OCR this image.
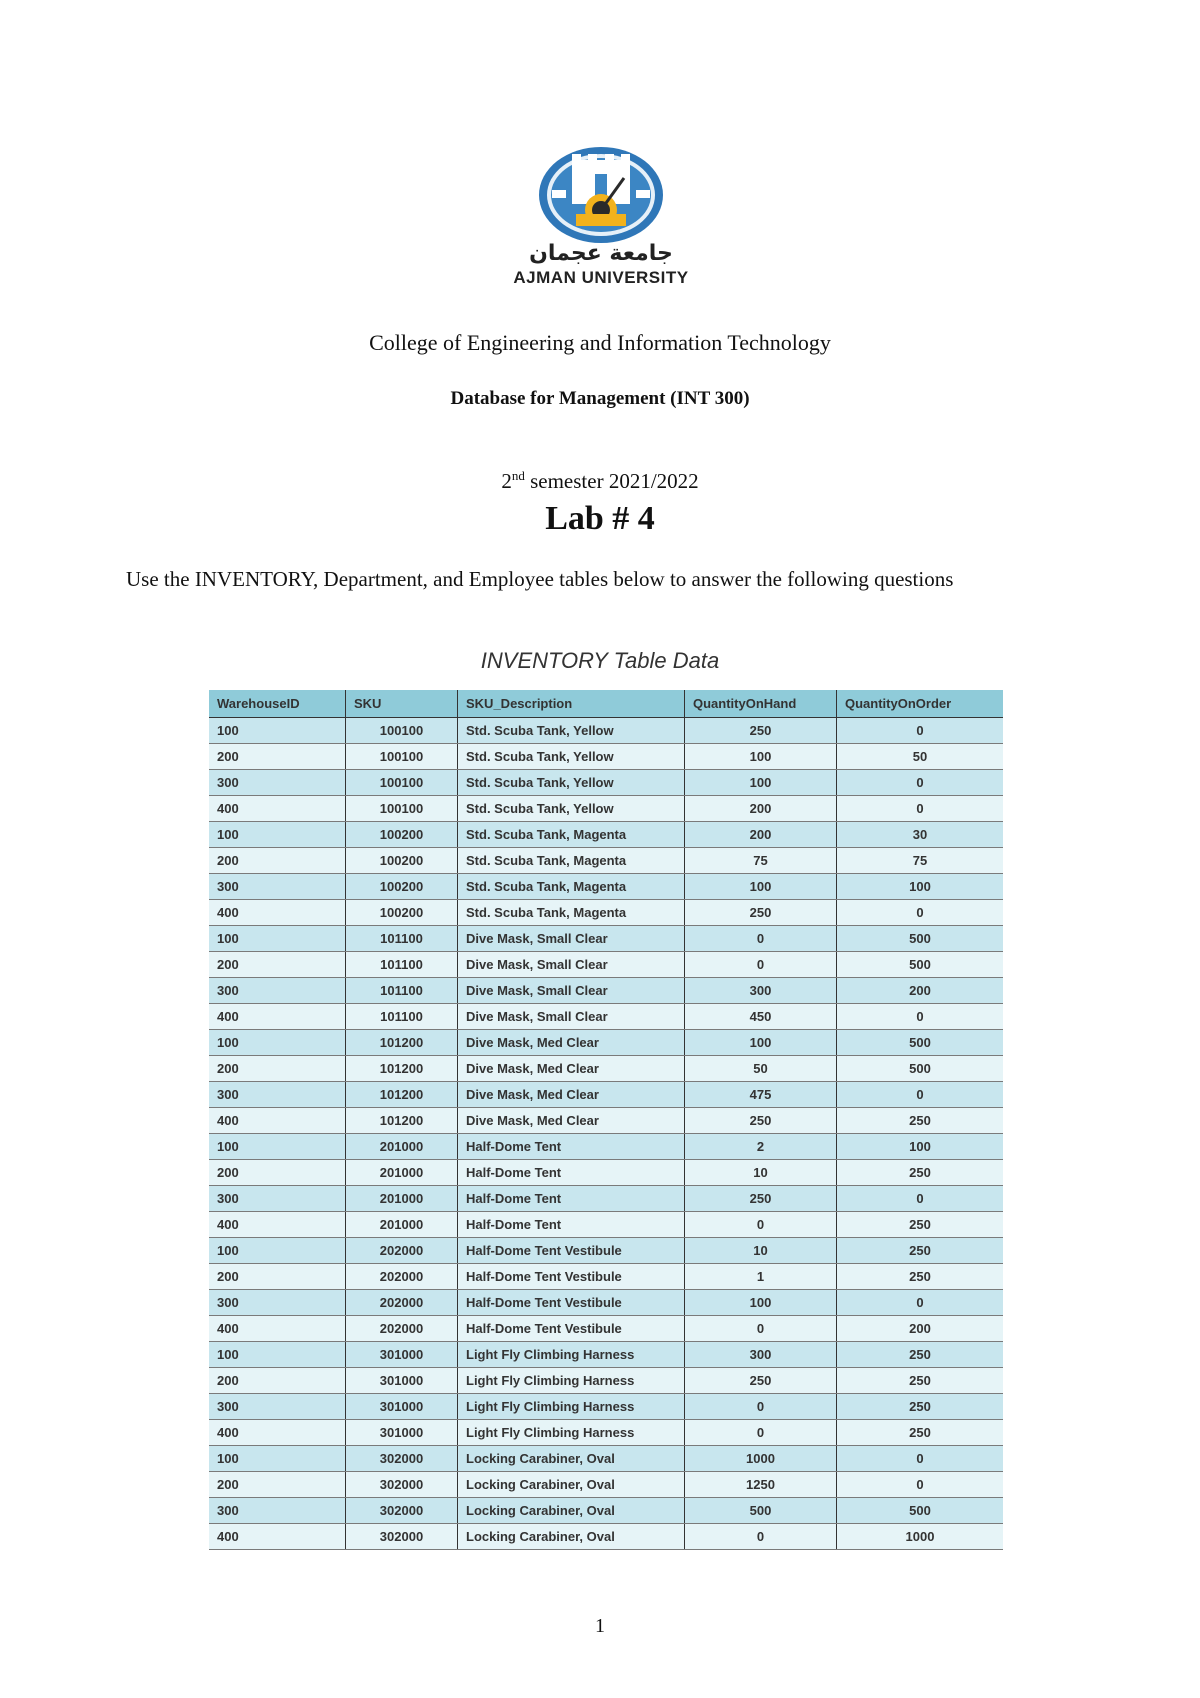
جامعة عجمان
AJMAN UNIVERSITY
College of Engineering and Information Technology
Database for Management (INT 300)
2nd semester 2021/2022
Lab # 4
Use the INVENTORY, Department, and Employee tables below to answer the following questions
INVENTORY Table Data
WarehouseID	SKU	SKU_Description	QuantityOnHand	QuantityOnOrder
100	100100	Std. Scuba Tank, Yellow	250	0
200	100100	Std. Scuba Tank, Yellow	100	50
300	100100	Std. Scuba Tank, Yellow	100	0
400	100100	Std. Scuba Tank, Yellow	200	0
100	100200	Std. Scuba Tank, Magenta	200	30
200	100200	Std. Scuba Tank, Magenta	75	75
300	100200	Std. Scuba Tank, Magenta	100	100
400	100200	Std. Scuba Tank, Magenta	250	0
100	101100	Dive Mask, Small Clear	0	500
200	101100	Dive Mask, Small Clear	0	500
300	101100	Dive Mask, Small Clear	300	200
400	101100	Dive Mask, Small Clear	450	0
100	101200	Dive Mask, Med Clear	100	500
200	101200	Dive Mask, Med Clear	50	500
300	101200	Dive Mask, Med Clear	475	0
400	101200	Dive Mask, Med Clear	250	250
100	201000	Half-Dome Tent	2	100
200	201000	Half-Dome Tent	10	250
300	201000	Half-Dome Tent	250	0
400	201000	Half-Dome Tent	0	250
100	202000	Half-Dome Tent Vestibule	10	250
200	202000	Half-Dome Tent Vestibule	1	250
300	202000	Half-Dome Tent Vestibule	100	0
400	202000	Half-Dome Tent Vestibule	0	200
100	301000	Light Fly Climbing Harness	300	250
200	301000	Light Fly Climbing Harness	250	250
300	301000	Light Fly Climbing Harness	0	250
400	301000	Light Fly Climbing Harness	0	250
100	302000	Locking Carabiner, Oval	1000	0
200	302000	Locking Carabiner, Oval	1250	0
300	302000	Locking Carabiner, Oval	500	500
400	302000	Locking Carabiner, Oval	0	1000
1
